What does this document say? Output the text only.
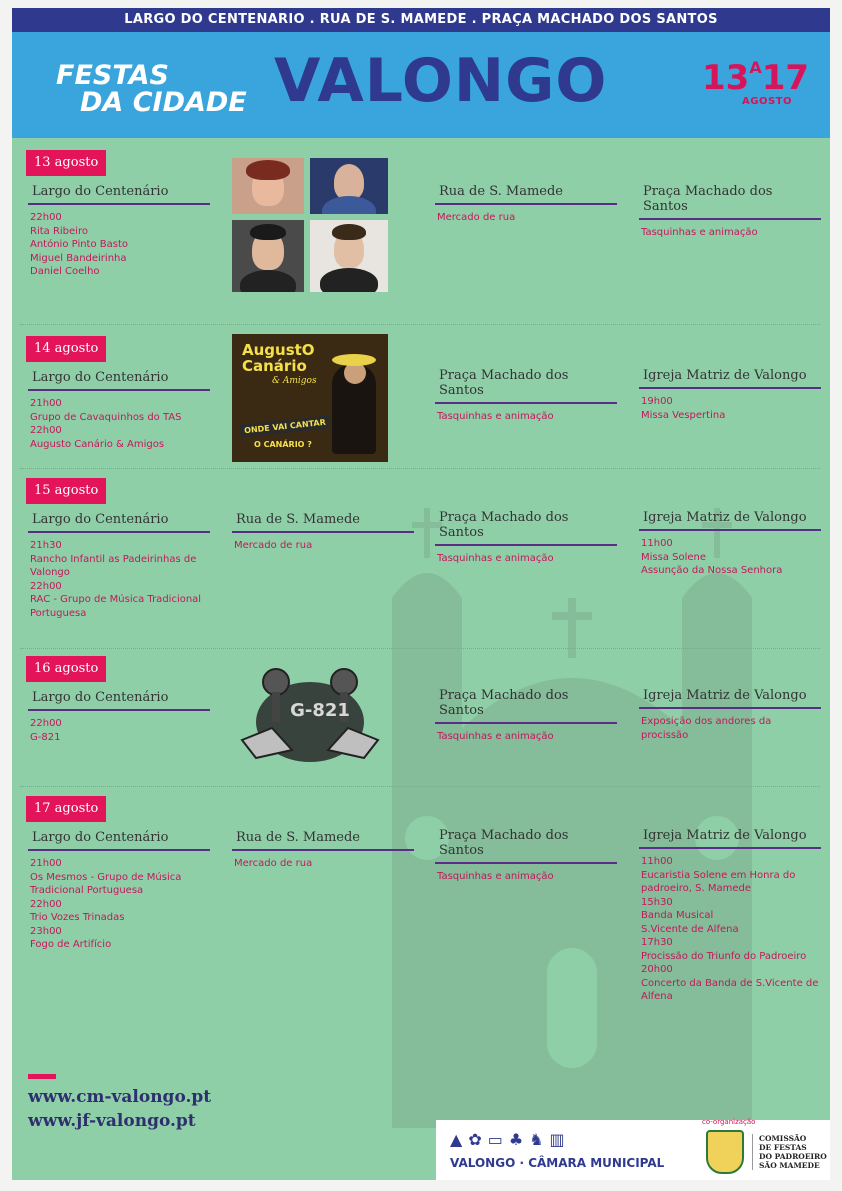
LARGO DO CENTENARIO . RUA DE S. MAMEDE . PRAÇA MACHADO DOS SANTOS
FESTAS
DA CIDADE VALONGO	$13^A17$
AGOSTO
13 agosto
Largo do Centenário
22h00
Rita Ribeiro
António Pinto Basto
Miguel Bandeirinha
Daniel Coelho
Rua de S. Mamede
Mercado de rua
Praça Machado dos Santos
Tasquinhas e animação
14 agosto
Largo do Centenário
21h00
Grupo de Cavaquinhos do TAS
22h00
Augusto Canário & Amigos
AugustO Canário
& Amigos
ONDE VAI CANTAR
O CANÁRIO ?
Praça Machado dos Santos
Tasquinhas e animação
Igreja Matriz de Valongo
19h00
Missa Vespertina
15 agosto
Largo do Centenário
21h30
Rancho Infantil as Padeirinhas de
Valongo
22h00
RAC - Grupo de Música Tradicional
Portuguesa
Rua de S. Mamede
Mercado de rua
Praça Machado dos Santos
Tasquinhas e animação
Igreja Matriz de Valongo
11h00
Missa Solene
Assunção da Nossa Senhora
16 agosto
Largo do Centenário
22h00
G-821
G-821
Praça Machado dos Santos
Tasquinhas e animação
Igreja Matriz de Valongo
Exposição dos andores da
procissão
17 agosto
Largo do Centenário
21h00
Os Mesmos - Grupo de Música
Tradicional Portuguesa
22h00
Trio Vozes Trinadas
23h00
Fogo de Artifício
Rua de S. Mamede
Mercado de rua
Praça Machado dos Santos
Tasquinhas e animação
Igreja Matriz de Valongo
11h00
Eucaristia Solene em Honra do
padroeiro, S. Mamede
15h30
Banda Musical
S.Vicente de Alfena
17h30
Procissão do Triunfo do Padroeiro
20h00
Concerto da Banda de S.Vicente de
Alfena
www.cm-valongo.pt
www.jf-valongo.pt
▲✿▭♣♞▥
VALONGO · CÂMARA MUNICIPAL
co-organização
COMISSÃO
DE FESTAS
DO PADROEIRO
SÃO MAMEDE
